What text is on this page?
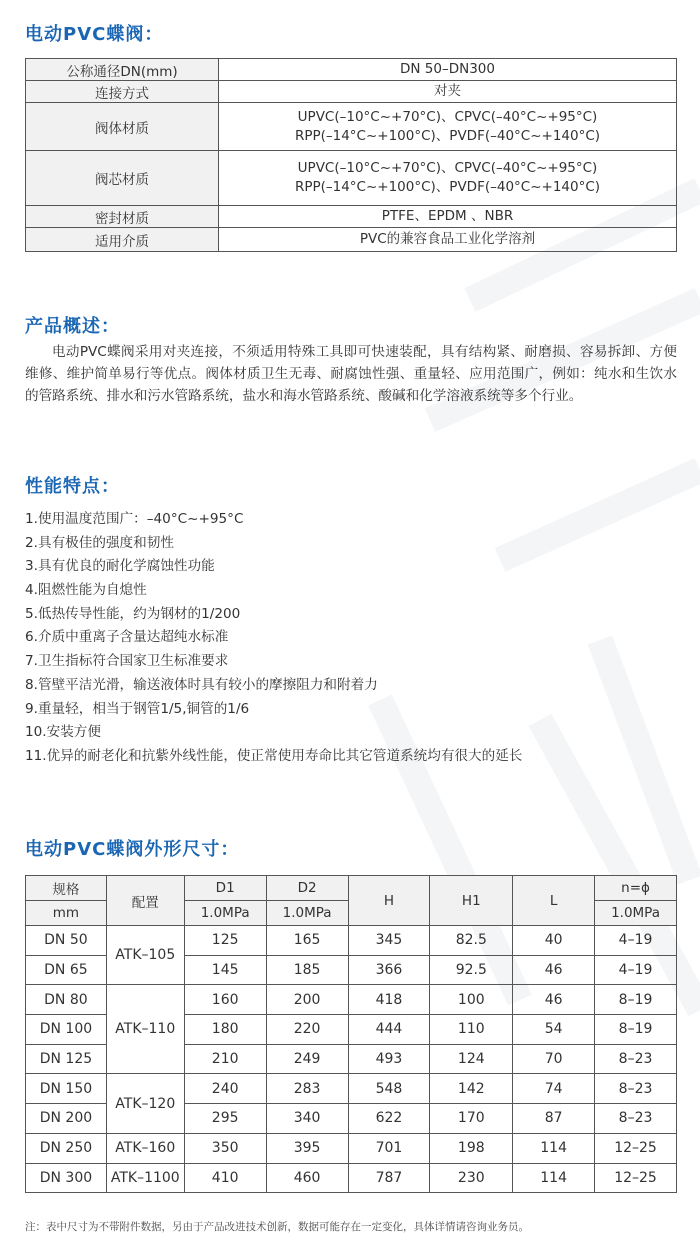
电动PVC蝶阀：
公称通径DN(mm)	DN 50–DN300

连接方式	对夹

阀体材质	UPVC(–10°C~+70°C)、CPVC(–40°C~+95°C)
RPP(–14°C~+100°C)、PVDF(–40°C~+140°C)

阀芯材质	UPVC(–10°C~+70°C)、CPVC(–40°C~+95°C)
RPP(–14°C~+100°C)、PVDF(–40°C~+140°C)

密封材质	PTFE、EPDM 、NBR

适用介质	PVC的兼容食品工业化学溶剂
产品概述：

电动PVC蝶阀采用对夹连接，不须适用特殊工具即可快速装配，具有结构紧、耐磨损、容易拆卸、方便维修、维护简单易行等优点。阀体材质卫生无毒、耐腐蚀性强、重量轻、应用范围广，例如：纯水和生饮水的管路系统、排水和污水管路系统，盐水和海水管路系统、酸碱和化学溶液系统等多个行业。

性能特点：
1.使用温度范围广：–40°C~+95°C
2.具有极佳的强度和韧性
3.具有优良的耐化学腐蚀性功能
4.阻燃性能为自熄性
5.低热传导性能，约为钢材的1/200
6.介质中重离子含量达超纯水标准
7.卫生指标符合国家卫生标准要求
8.管壁平洁光滑，输送液体时具有较小的摩擦阻力和附着力
9.重量轻，相当于钢管1/5,铜管的1/6
10.安装方便
11.优异的耐老化和抗紫外线性能，使正常使用寿命比其它管道系统均有很大的延长
电动PVC蝶阀外形尺寸：
规格	配置	D1	D2	H	H1	L	n=ϕ
mm		1.0MPa	1.0MPa				1.0MPa
DN 50	ATK–105	125	165	345	82.5	40	4–19
DN 65		145	185	366	92.5	46	4–19
DN 80	ATK–110	160	200	418	100	46	8–19
DN 100		180	220	444	110	54	8–19
DN 125		210	249	493	124	70	8–23
DN 150	ATK–120	240	283	548	142	74	8–23
DN 200		295	340	622	170	87	8–23
DN 250	ATK–160	350	395	701	198	114	12–25
DN 300	ATK–1100	410	460	787	230	114	12–25
注：表中尺寸为不带附件数据，另由于产品改进技术创新，数据可能存在一定变化，具体详情请咨询业务员。
